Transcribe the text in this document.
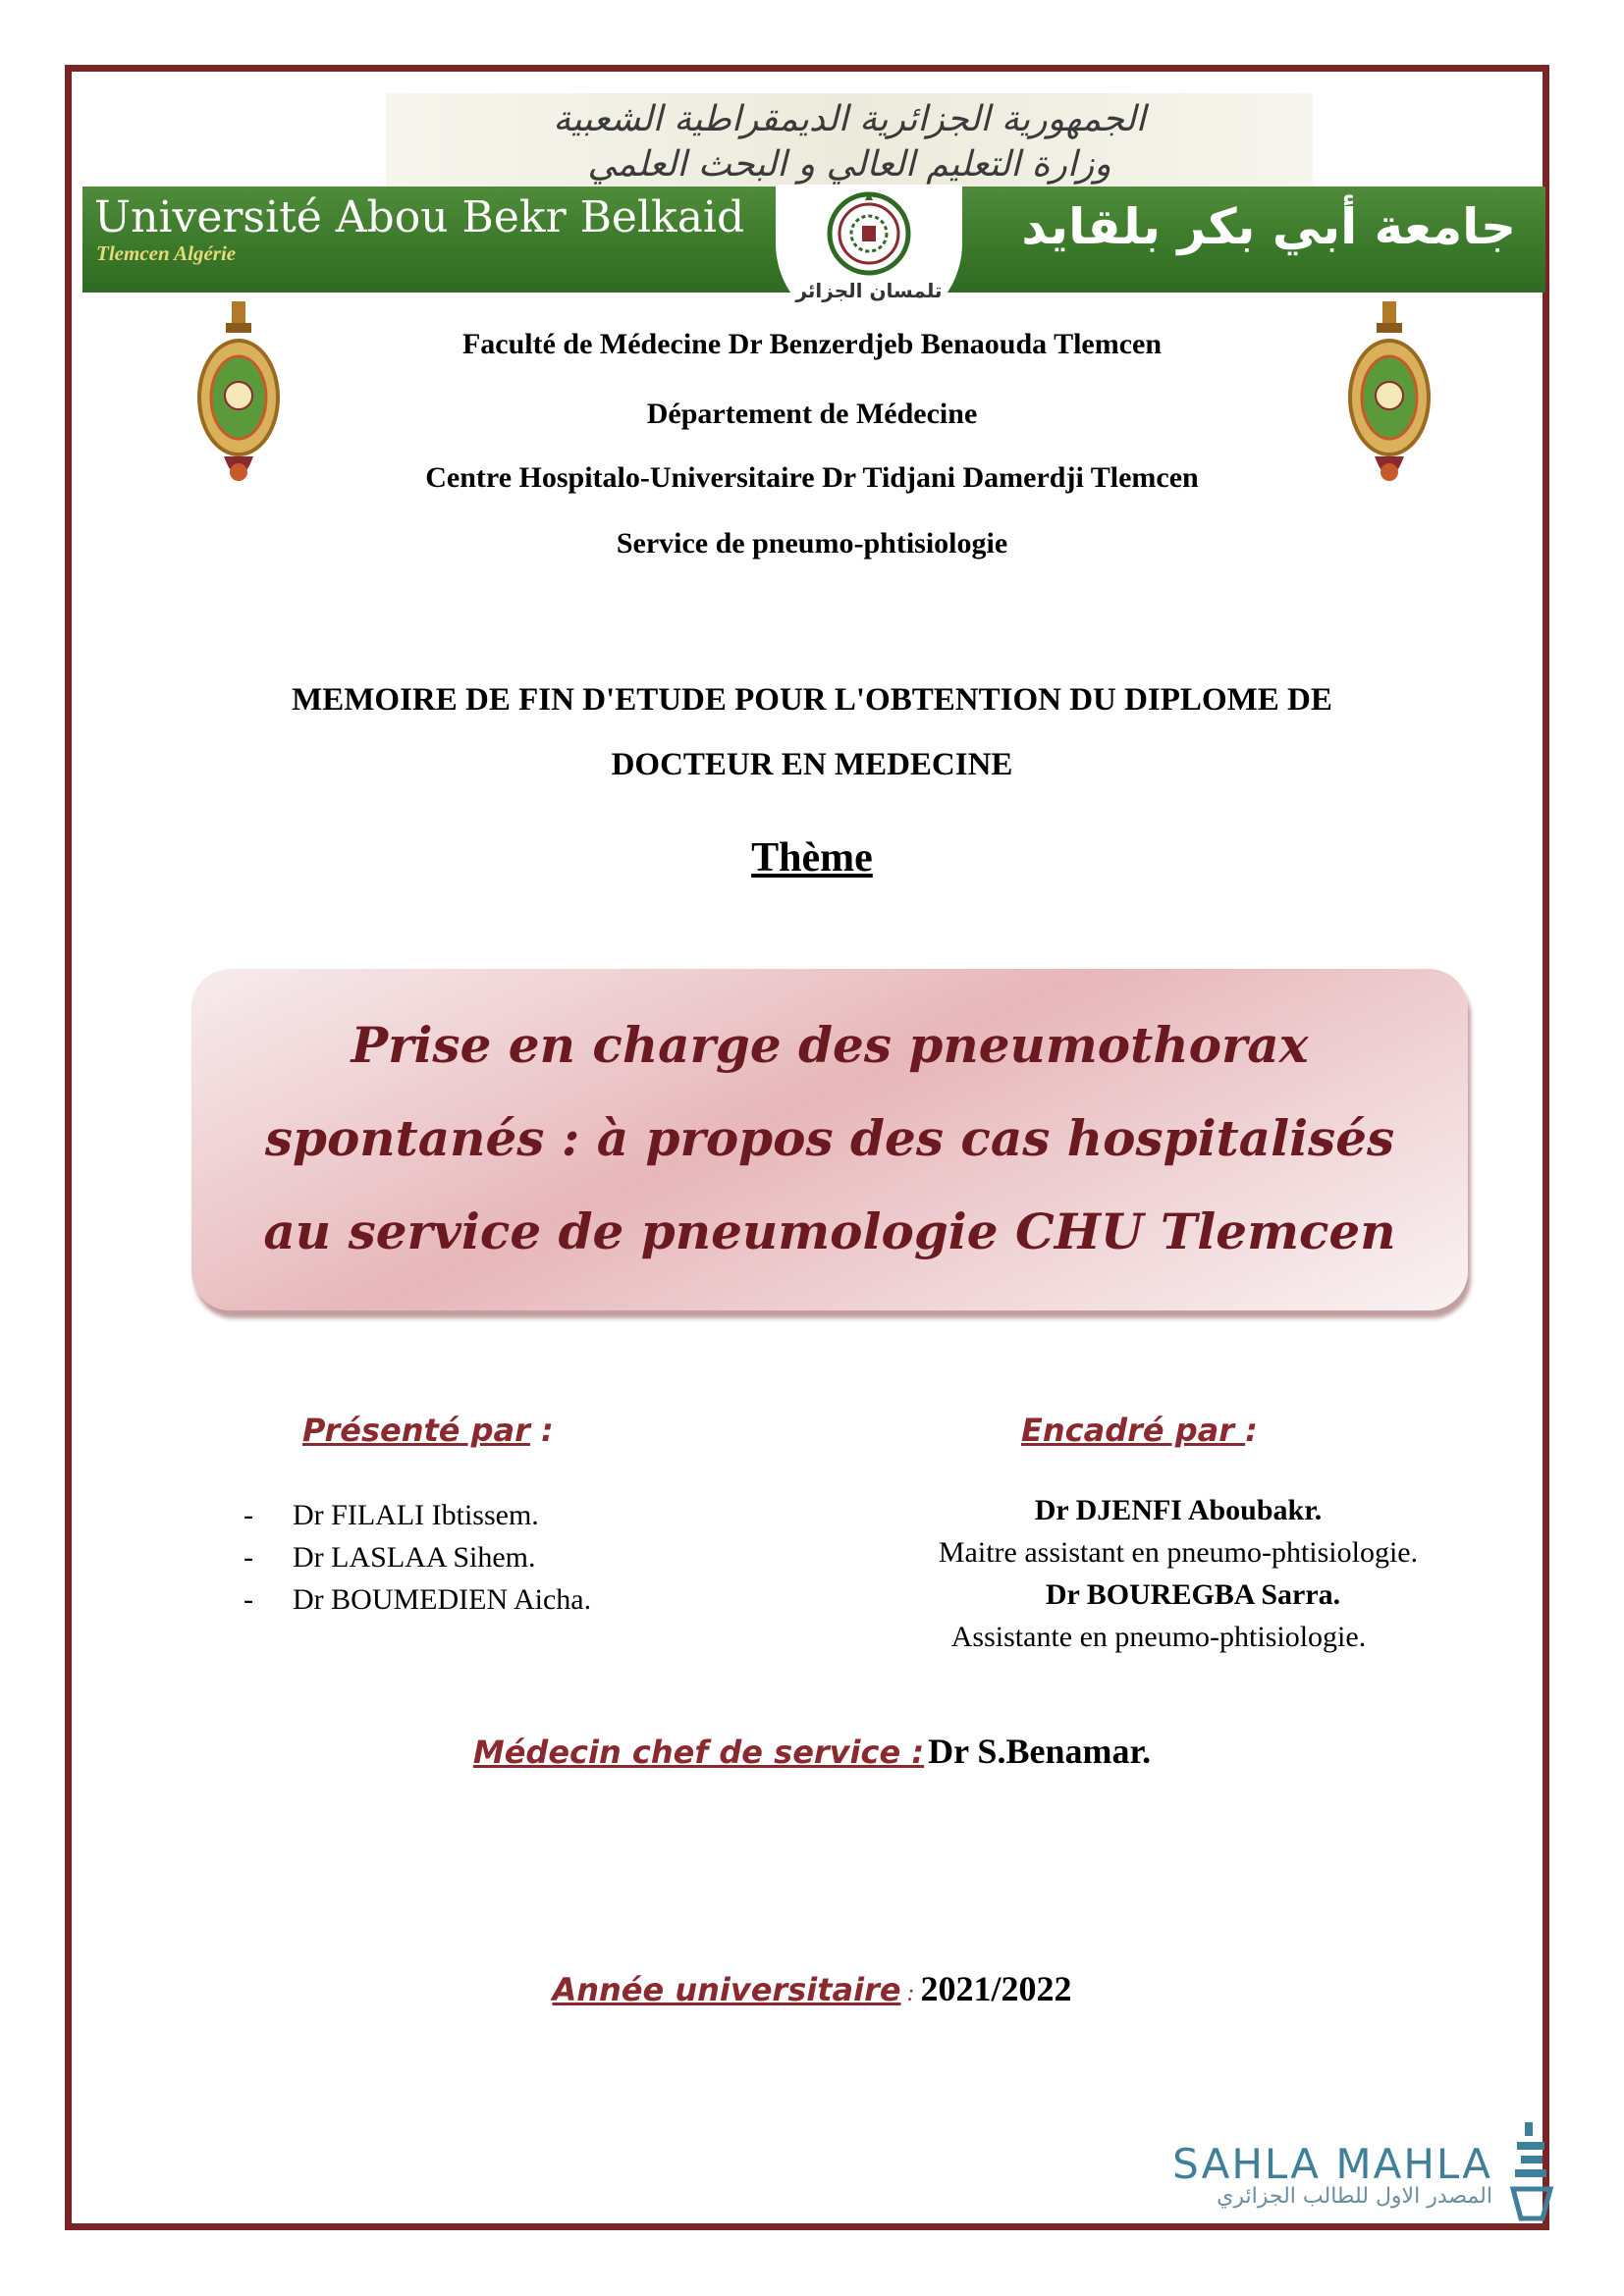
الجمهورية الجزائرية الديمقراطية الشعبية
وزارة التعليم العالي و البحث العلمي
Université Abou Bekr Belkaid
Tlemcen Algérie	جامعة أبي بكر بلقايد
تلمسان الجزائر
Faculté de Médecine Dr Benzerdjeb Benaouda Tlemcen
Département de Médecine
Centre Hospitalo-Universitaire Dr Tidjani Damerdji Tlemcen
Service de pneumo-phtisiologie
MEMOIRE DE FIN D'ETUDE POUR L'OBTENTION DU DIPLOME DE
DOCTEUR EN MEDECINE
Thème
Prise en charge des pneumothorax
spontanés : à propos des cas hospitalisés
au service de pneumologie CHU Tlemcen
Présenté par :
-	Dr FILALI Ibtissem.
-	Dr LASLAA Sihem.
-	Dr BOUMEDIEN Aicha.
Encadré par :
Dr DJENFI Aboubakr.
Maitre assistant en pneumo-phtisiologie.
Dr BOUREGBA Sarra.
Assistante en pneumo-phtisiologie.
Médecin chef de service : Dr S.Benamar.
Année universitaire : 2021/2022
SAHLA MAHLA
المصدر الاول للطالب الجزائري
